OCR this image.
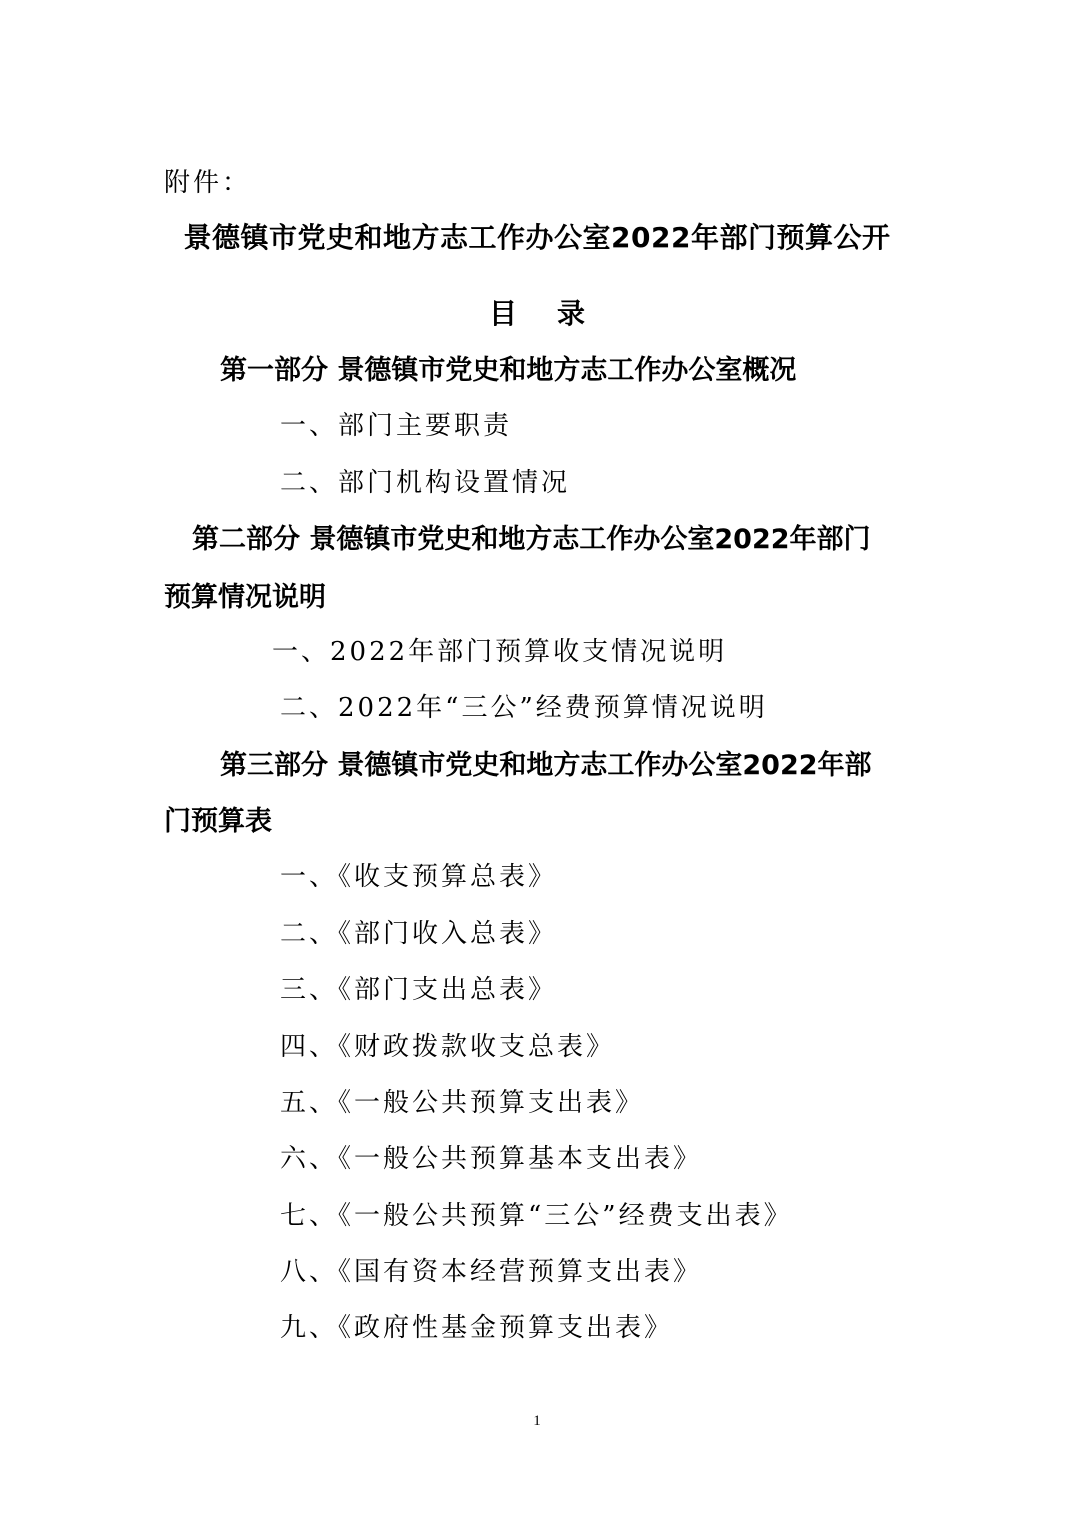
附件：
景德镇市党史和地方志工作办公室2022年部门预算公开
目 录
第一部分 景德镇市党史和地方志工作办公室概况
一、部门主要职责
二、部门机构设置情况
第二部分 景德镇市党史和地方志工作办公室2022年部门
预算情况说明
一、2022年部门预算收支情况说明
二、2022年“三公”经费预算情况说明
第三部分 景德镇市党史和地方志工作办公室2022年部
门预算表
一、《收支预算总表》
二、《部门收入总表》
三、《部门支出总表》
四、《财政拨款收支总表》
五、《一般公共预算支出表》
六、《一般公共预算基本支出表》
七、《一般公共预算“三公”经费支出表》
八、《国有资本经营预算支出表》
九、《政府性基金预算支出表》
1
